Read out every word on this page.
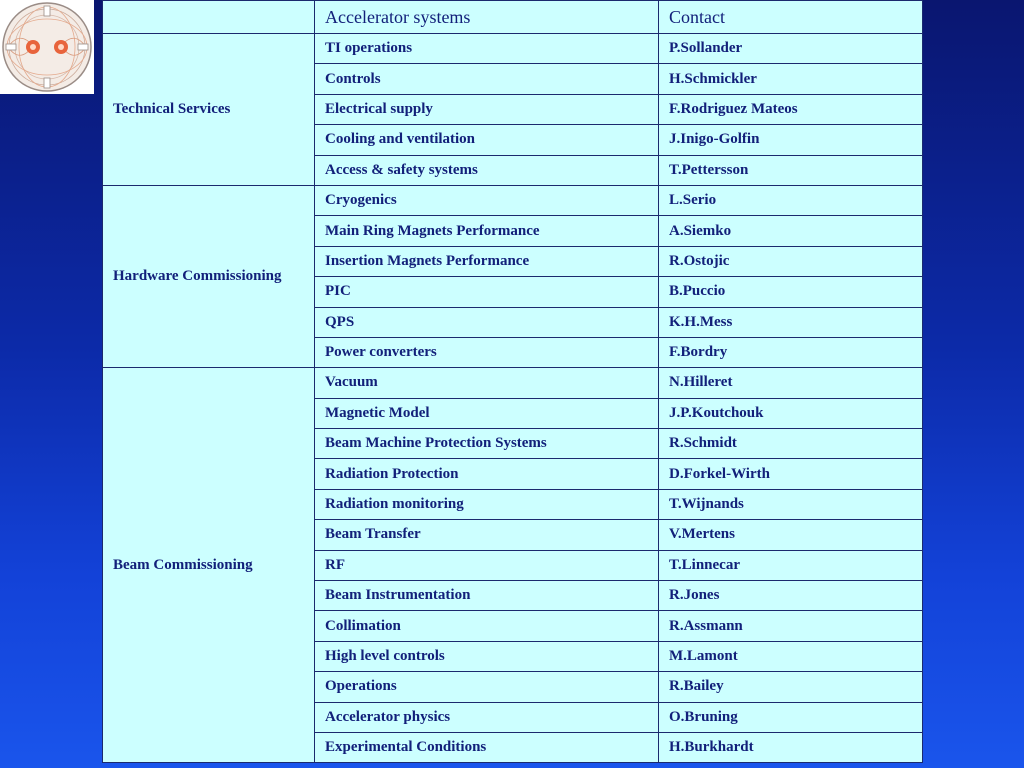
	Accelerator systems	Contact
Technical Services	TI operations	P.Sollander
	Controls	H.Schmickler
	Electrical supply	F.Rodriguez Mateos
	Cooling and ventilation	J.Inigo-Golfin
	Access & safety systems	T.Pettersson
Hardware Commissioning	Cryogenics	L.Serio
	Main Ring Magnets Performance	A.Siemko
	Insertion Magnets Performance	R.Ostojic
	PIC	B.Puccio
	QPS	K.H.Mess
	Power converters	F.Bordry
Beam Commissioning	Vacuum	N.Hilleret
	Magnetic Model	J.P.Koutchouk
	Beam Machine Protection Systems	R.Schmidt
	Radiation Protection	D.Forkel-Wirth
	Radiation monitoring	T.Wijnands
	Beam Transfer	V.Mertens
	RF	T.Linnecar
	Beam Instrumentation	R.Jones
	Collimation	R.Assmann
	High level controls	M.Lamont
	Operations	R.Bailey
	Accelerator physics	O.Bruning
	Experimental Conditions	H.Burkhardt
